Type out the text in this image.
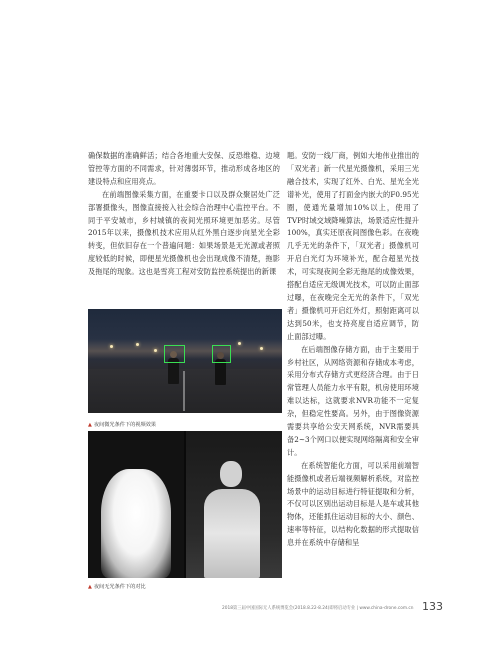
确保数据的准确鲜活；结合各地重大安保、反恐维稳、边境管控等方面的不同需求，针对薄弱环节，推动形成各地区的建设特点和应用亮点。

在前端图像采集方面，在重要卡口以及群众聚居处广泛部署摄像头，图像直接接入社会综合治理中心监控平台。不同于平安城市，乡村城镇的夜间光照环境更加恶劣。尽管2015年以来，摄像机技术应用从红外黑白逐步向星光全彩转变，但依旧存在一个普遍问题：如果场景是无光源或者照度较低的时候，即便星光摄像机也会出现成像不清楚，拖影及拖尾的现象。这也是雪亮工程对安防监控系统提出的新课

题。安防一线厂商，例如大地伟业推出的「双光者」新一代星光摄像机，采用三光融合技术，实现了红外、白光、星光全光谱补光，使用了打面金内嵌大的F0.95光圈，使通光量增加10%以上，使用了TVP时域交域降噪算法，场景适应性提升100%，真实还原夜间图像色彩。在夜晚几乎无光的条件下，「双光者」摄像机可开启白光灯为环境补光，配合超星光技术，可实现夜间全彩无拖尾的成像效果，搭配自适应无级调光技术，可以防止面部过曝，在夜晚完全无光的条件下，「双光者」摄像机可开启红外灯，照射距离可以达到50米，也支持亮度自适应调节，防止面部过曝。

在后端图像存储方面，由于主要用于乡村社区，从网络资源和存储成本考虑，采用分布式存储方式更经济合理。由于日常管理人员能力水平有限，机房使用环境难以达标，这就要求NVR功能不一定复杂，但稳定性要高。另外，由于图像资源需要共享给公安天网系统，NVR需要具备2~3个网口以便实现网络隔离和安全审计。

在系统智能化方面，可以采用前端智能摄像机或者后端视频解析系统，对监控场景中的运动目标进行特征提取和分析，不仅可以区别出运动目标是人是车或其他物体，还能抓住运动目标的大小、颜色、速率等特征，以结构化数据的形式提取信息并在系统中存储和呈

▲ 夜间微光条件下的视频效果
▲ 夜间无光条件下的对比
2018第三届中国国际无人系统博览会(2018.8.22-8.24)即将启动专业 | www.china-drone.com.cn 133
